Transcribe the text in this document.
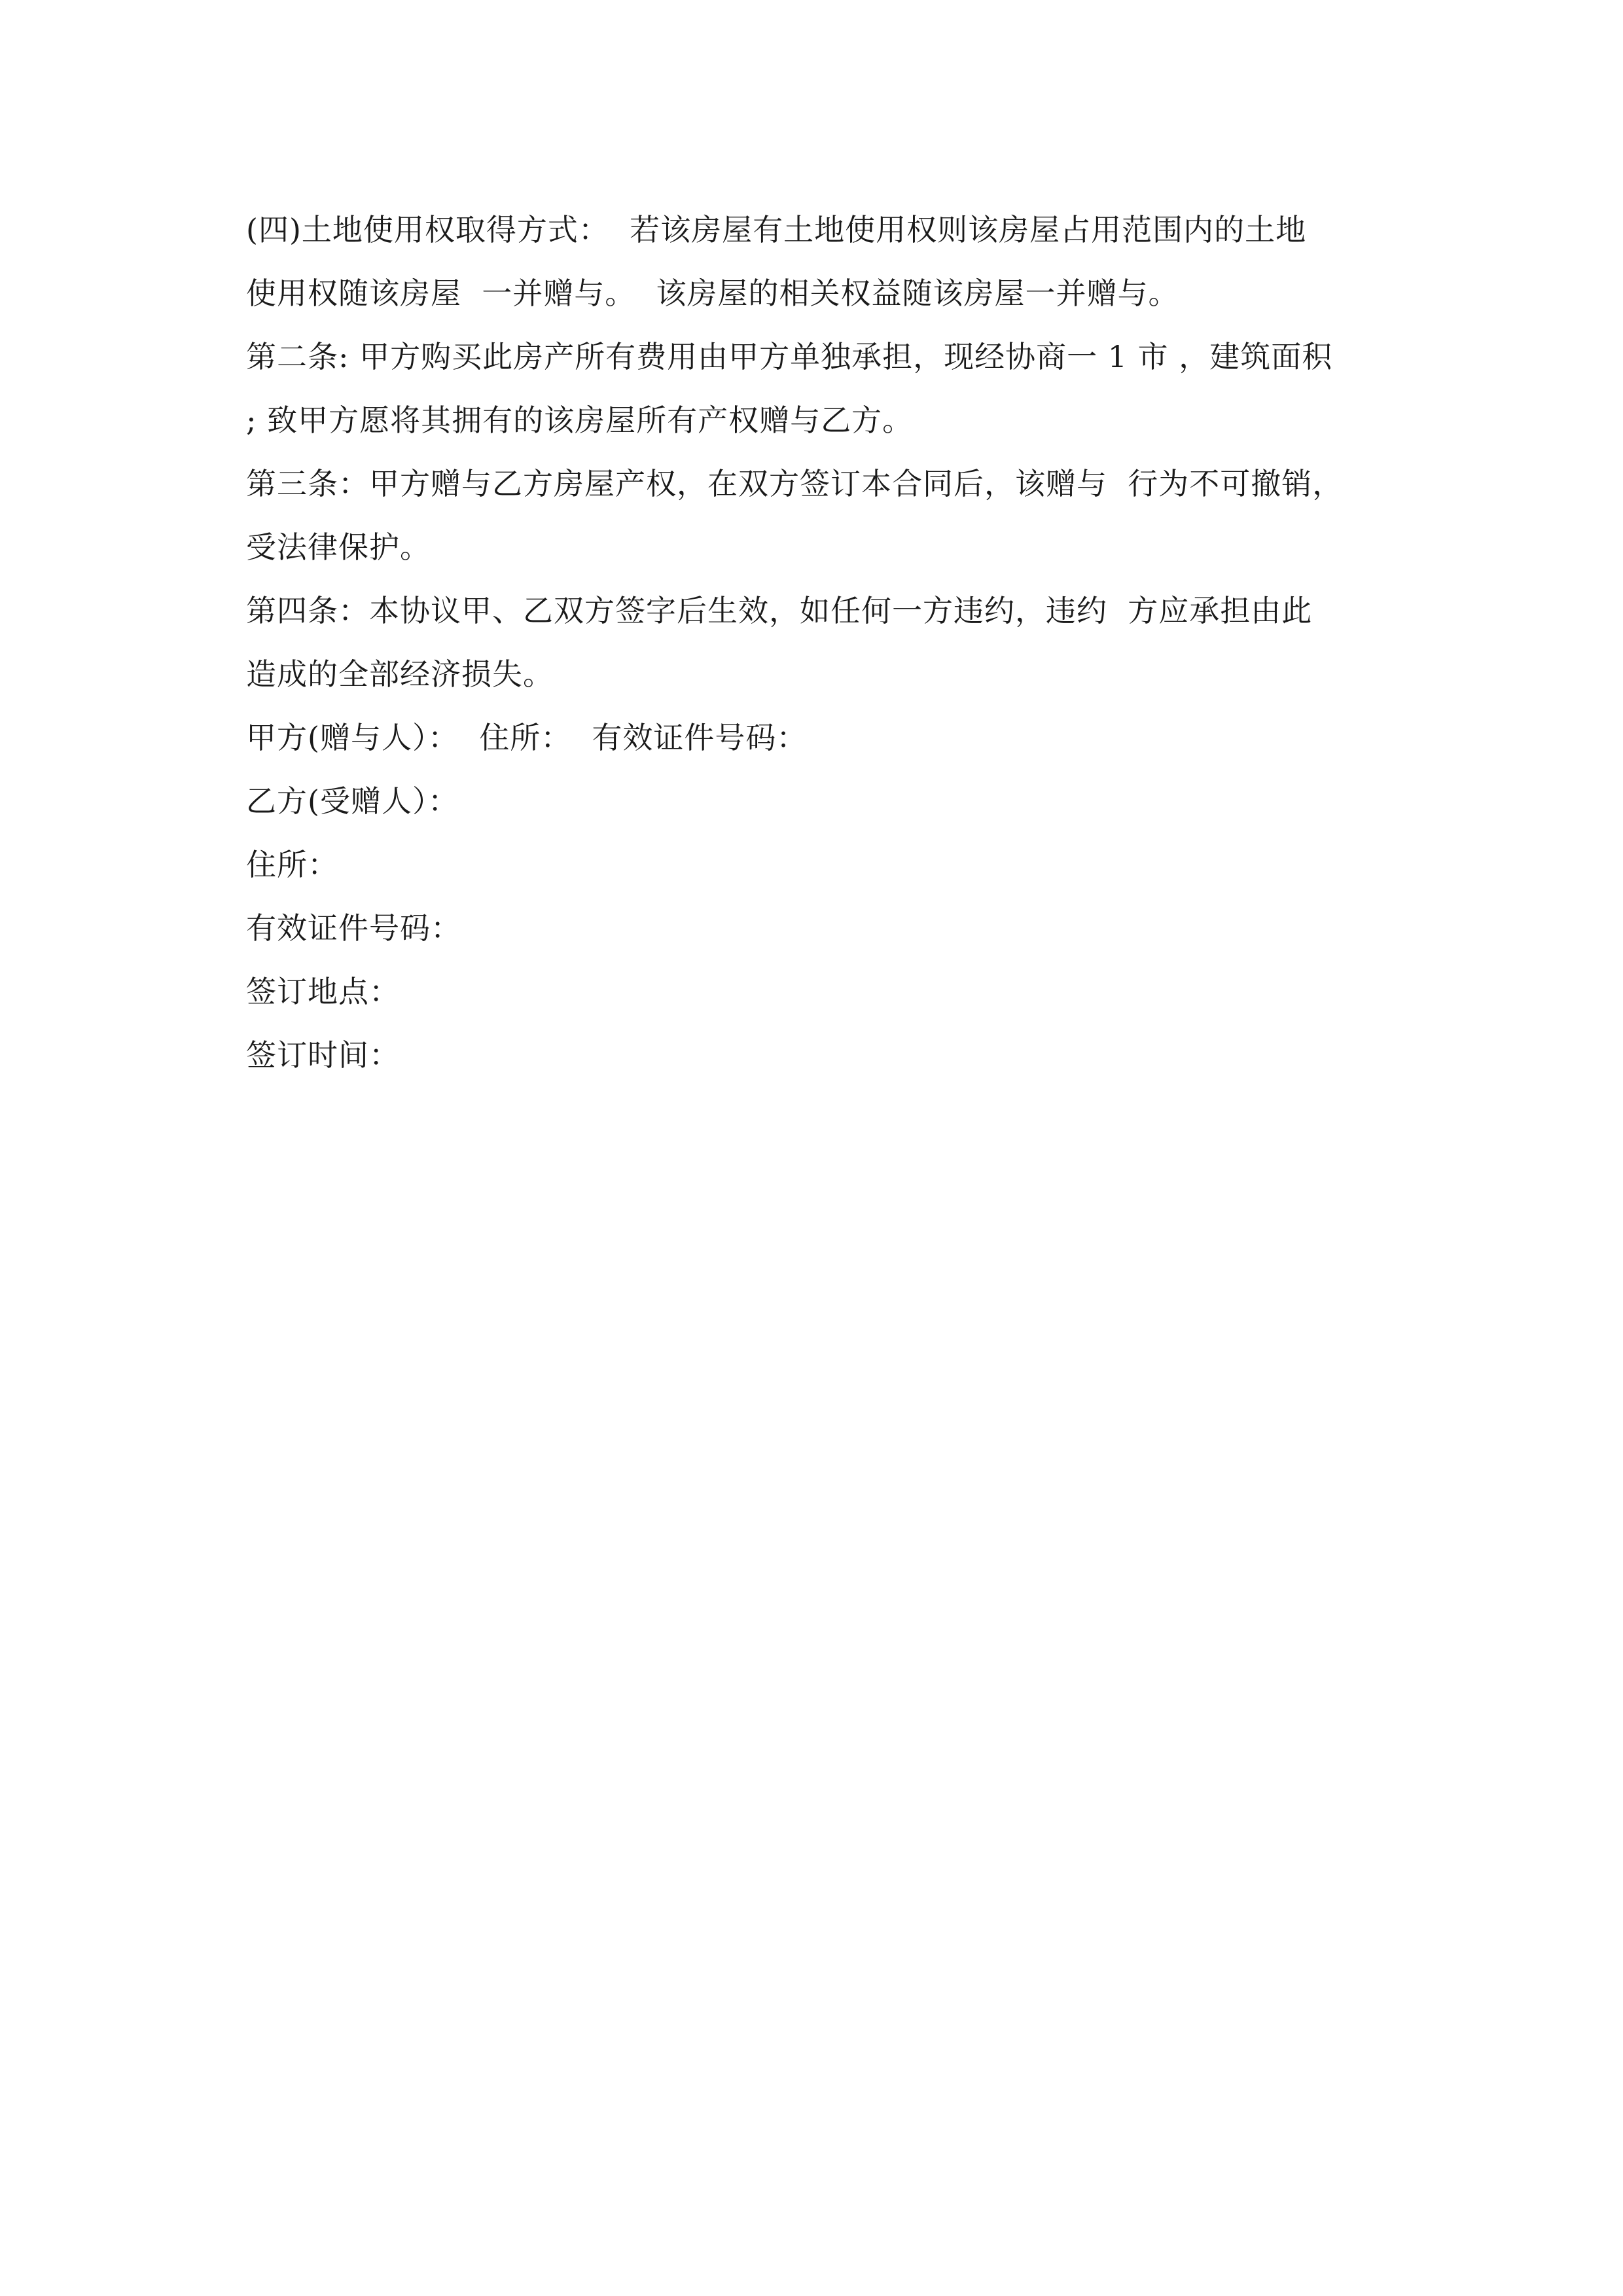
(四)土地使用权取得方式：  若该房屋有土地使用权则该房屋占用范围内的土地
使用权随该房屋  一并赠与。  该房屋的相关权益随该房屋一并赠与。
第二条: 甲方购买此房产所有费用由甲方单独承担，现经协商一 1 市 ，建筑面积
; 致甲方愿将其拥有的该房屋所有产权赠与乙方。
第三条：甲方赠与乙方房屋产权，在双方签订本合同后，该赠与  行为不可撤销，
受法律保护。
第四条：本协议甲、乙双方签字后生效，如任何一方违约，违约  方应承担由此
造成的全部经济损失。
甲方(赠与人）：  住所：  有效证件号码：
乙方(受赠人）：
住所：
有效证件号码：
签订地点：
签订时间：
